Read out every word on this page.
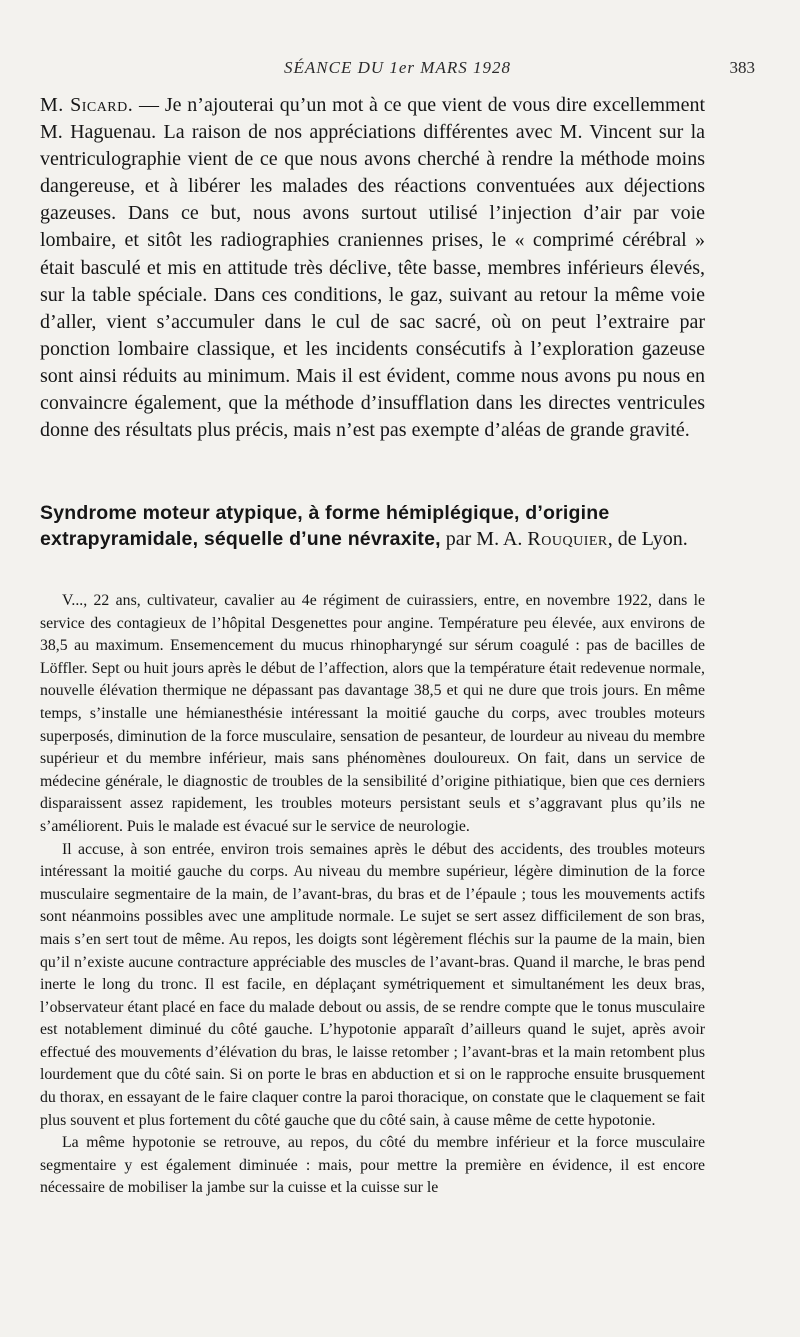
SÉANCE DU 1er MARS 1928	383
M. Sicard. — Je n’ajouterai qu’un mot à ce que vient de vous dire excellemment M. Haguenau. La raison de nos appréciations différentes avec M. Vincent sur la ventriculographie vient de ce que nous avons cherché à rendre la méthode moins dangereuse, et à libérer les malades des réactions conventuées aux déjections gazeuses. Dans ce but, nous avons surtout utilisé l’injection d’air par voie lombaire, et sitôt les radiographies craniennes prises, le « comprimé cérébral » était basculé et mis en attitude très déclive, tête basse, membres inférieurs élevés, sur la table spéciale. Dans ces conditions, le gaz, suivant au retour la même voie d’aller, vient s’accumuler dans le cul de sac sacré, où on peut l’extraire par ponction lombaire classique, et les incidents consécutifs à l’exploration gazeuse sont ainsi réduits au minimum. Mais il est évident, comme nous avons pu nous en convaincre également, que la méthode d’insufflation dans les directes ventricules donne des résultats plus précis, mais n’est pas exempte d’aléas de grande gravité.
Syndrome moteur atypique, à forme hémiplégique, d’origine extrapyramidale, séquelle d’une névraxite, par M. A. Rouquier, de Lyon.

V..., 22 ans, cultivateur, cavalier au 4e régiment de cuirassiers, entre, en novembre 1922, dans le service des contagieux de l’hôpital Desgenettes pour angine. Température peu élevée, aux environs de 38,5 au maximum. Ensemencement du mucus rhinopharyngé sur sérum coagulé : pas de bacilles de Löffler. Sept ou huit jours après le début de l’affection, alors que la température était redevenue normale, nouvelle élévation thermique ne dépassant pas davantage 38,5 et qui ne dure que trois jours. En même temps, s’installe une hémianesthésie intéressant la moitié gauche du corps, avec troubles moteurs superposés, diminution de la force musculaire, sensation de pesanteur, de lourdeur au niveau du membre supérieur et du membre inférieur, mais sans phénomènes douloureux. On fait, dans un service de médecine générale, le diagnostic de troubles de la sensibilité d’origine pithiatique, bien que ces derniers disparaissent assez rapidement, les troubles moteurs persistant seuls et s’aggravant plus qu’ils ne s’améliorent. Puis le malade est évacué sur le service de neurologie.

Il accuse, à son entrée, environ trois semaines après le début des accidents, des troubles moteurs intéressant la moitié gauche du corps. Au niveau du membre supérieur, légère diminution de la force musculaire segmentaire de la main, de l’avant-bras, du bras et de l’épaule ; tous les mouvements actifs sont néanmoins possibles avec une amplitude normale. Le sujet se sert assez difficilement de son bras, mais s’en sert tout de même. Au repos, les doigts sont légèrement fléchis sur la paume de la main, bien qu’il n’existe aucune contracture appréciable des muscles de l’avant-bras. Quand il marche, le bras pend inerte le long du tronc. Il est facile, en déplaçant symétriquement et simultanément les deux bras, l’observateur étant placé en face du malade debout ou assis, de se rendre compte que le tonus musculaire est notablement diminué du côté gauche. L’hypotonie apparaît d’ailleurs quand le sujet, après avoir effectué des mouvements d’élévation du bras, le laisse retomber ; l’avant-bras et la main retombent plus lourdement que du côté sain. Si on porte le bras en abduction et si on le rapproche ensuite brusquement du thorax, en essayant de le faire claquer contre la paroi thoracique, on constate que le claquement se fait plus souvent et plus fortement du côté gauche que du côté sain, à cause même de cette hypotonie.

La même hypotonie se retrouve, au repos, du côté du membre inférieur et la force musculaire segmentaire y est également diminuée : mais, pour mettre la première en évidence, il est encore nécessaire de mobiliser la jambe sur la cuisse et la cuisse sur le
